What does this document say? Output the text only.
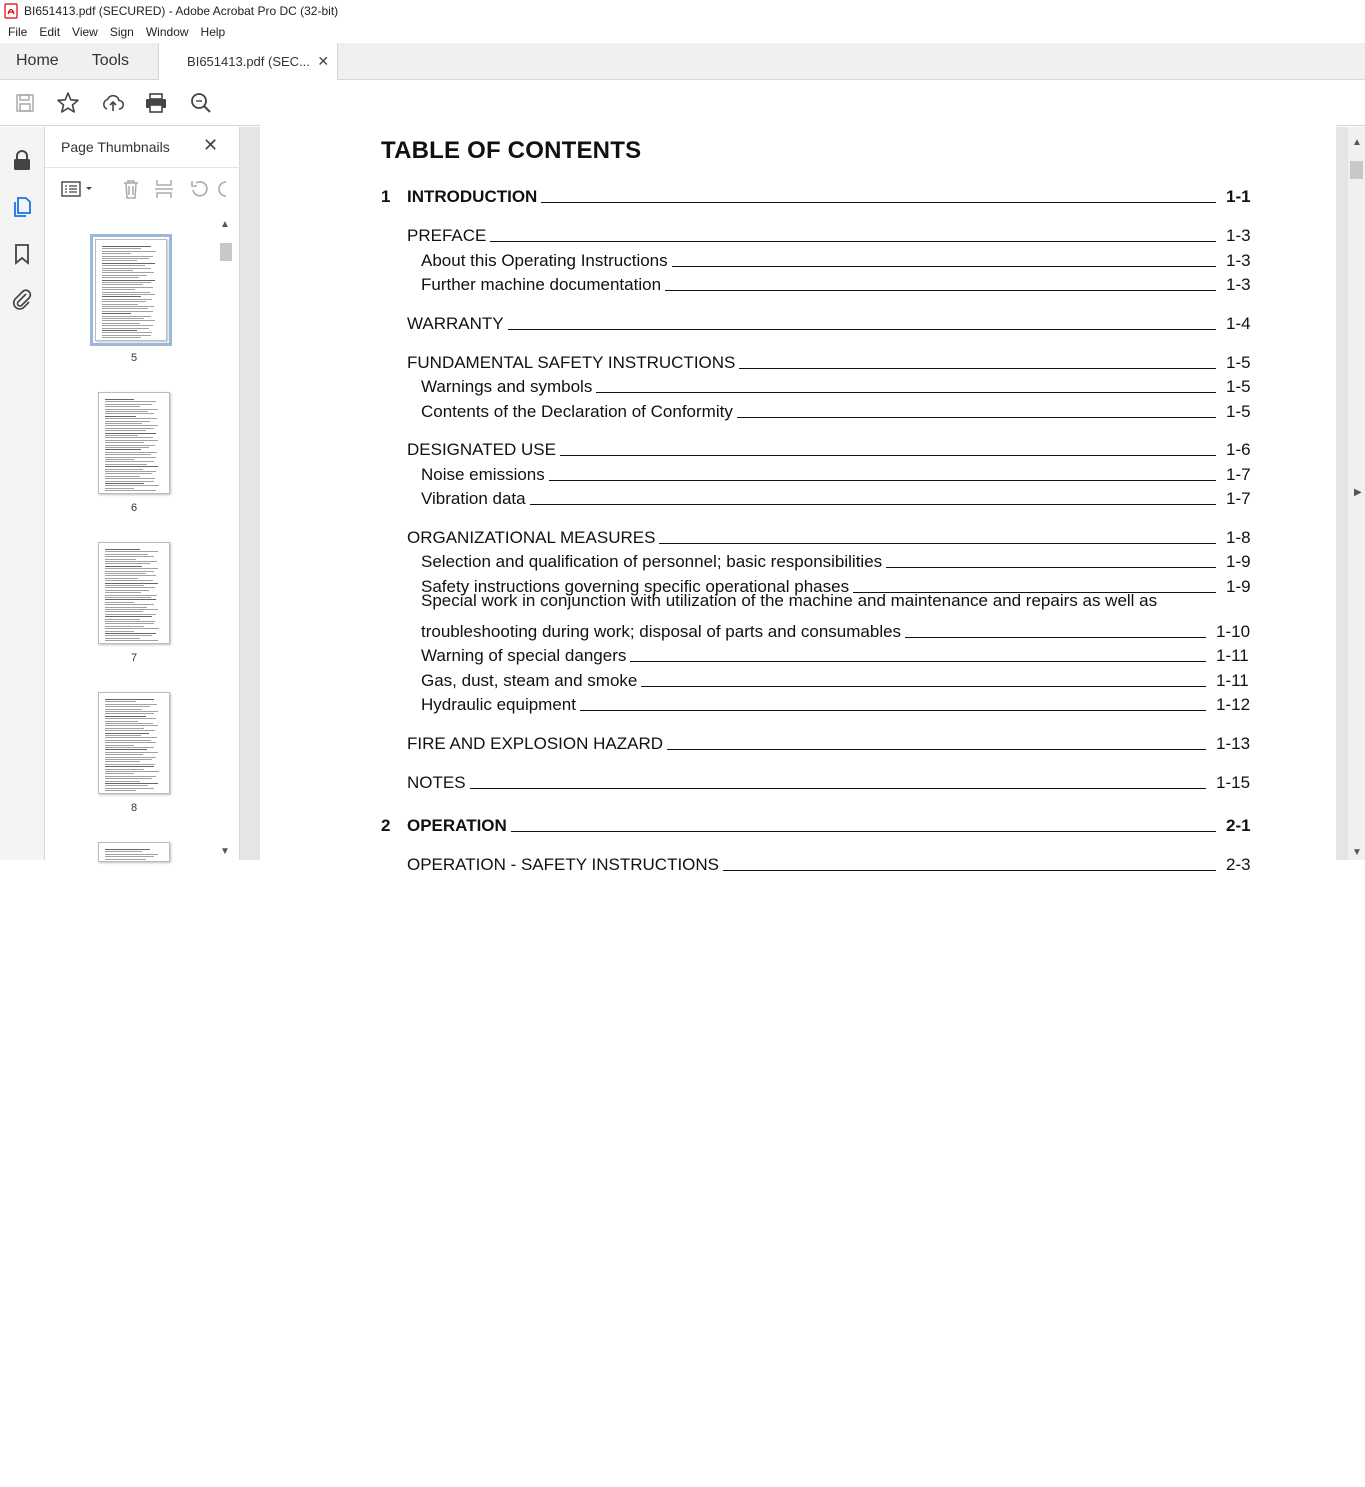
BI651413.pdf (SECURED) - Adobe Acrobat Pro DC (32-bit)
File	Edit	View	Sign	Window	Help
Home	Tools	BI651413.pdf (SEC... ✕
Page Thumbnails ✕
5
6
7
8
▲
▼
TABLE OF CONTENTS
1 INTRODUCTION	1-1
PREFACE	1-3
About this Operating Instructions	1-3
Further machine documentation	1-3
WARRANTY	1-4
FUNDAMENTAL SAFETY INSTRUCTIONS	1-5
Warnings and symbols	1-5
Contents of the Declaration of Conformity	1-5
DESIGNATED USE	1-6
Noise emissions	1-7
Vibration data	1-7
ORGANIZATIONAL MEASURES	1-8
Selection and qualification of personnel; basic responsibilities	1-9
Safety instructions governing specific operational phases	1-9
Special work in conjunction with utilization of the machine and maintenance and repairs as well as
troubleshooting during work; disposal of parts and consumables	1-10
Warning of special dangers	1-11
Gas, dust, steam and smoke	1-11
Hydraulic equipment	1-12
FIRE AND EXPLOSION HAZARD	1-13
NOTES	1-15
2 OPERATION	2-1
OPERATION - SAFETY INSTRUCTIONS	2-3
▲
▼
▶
